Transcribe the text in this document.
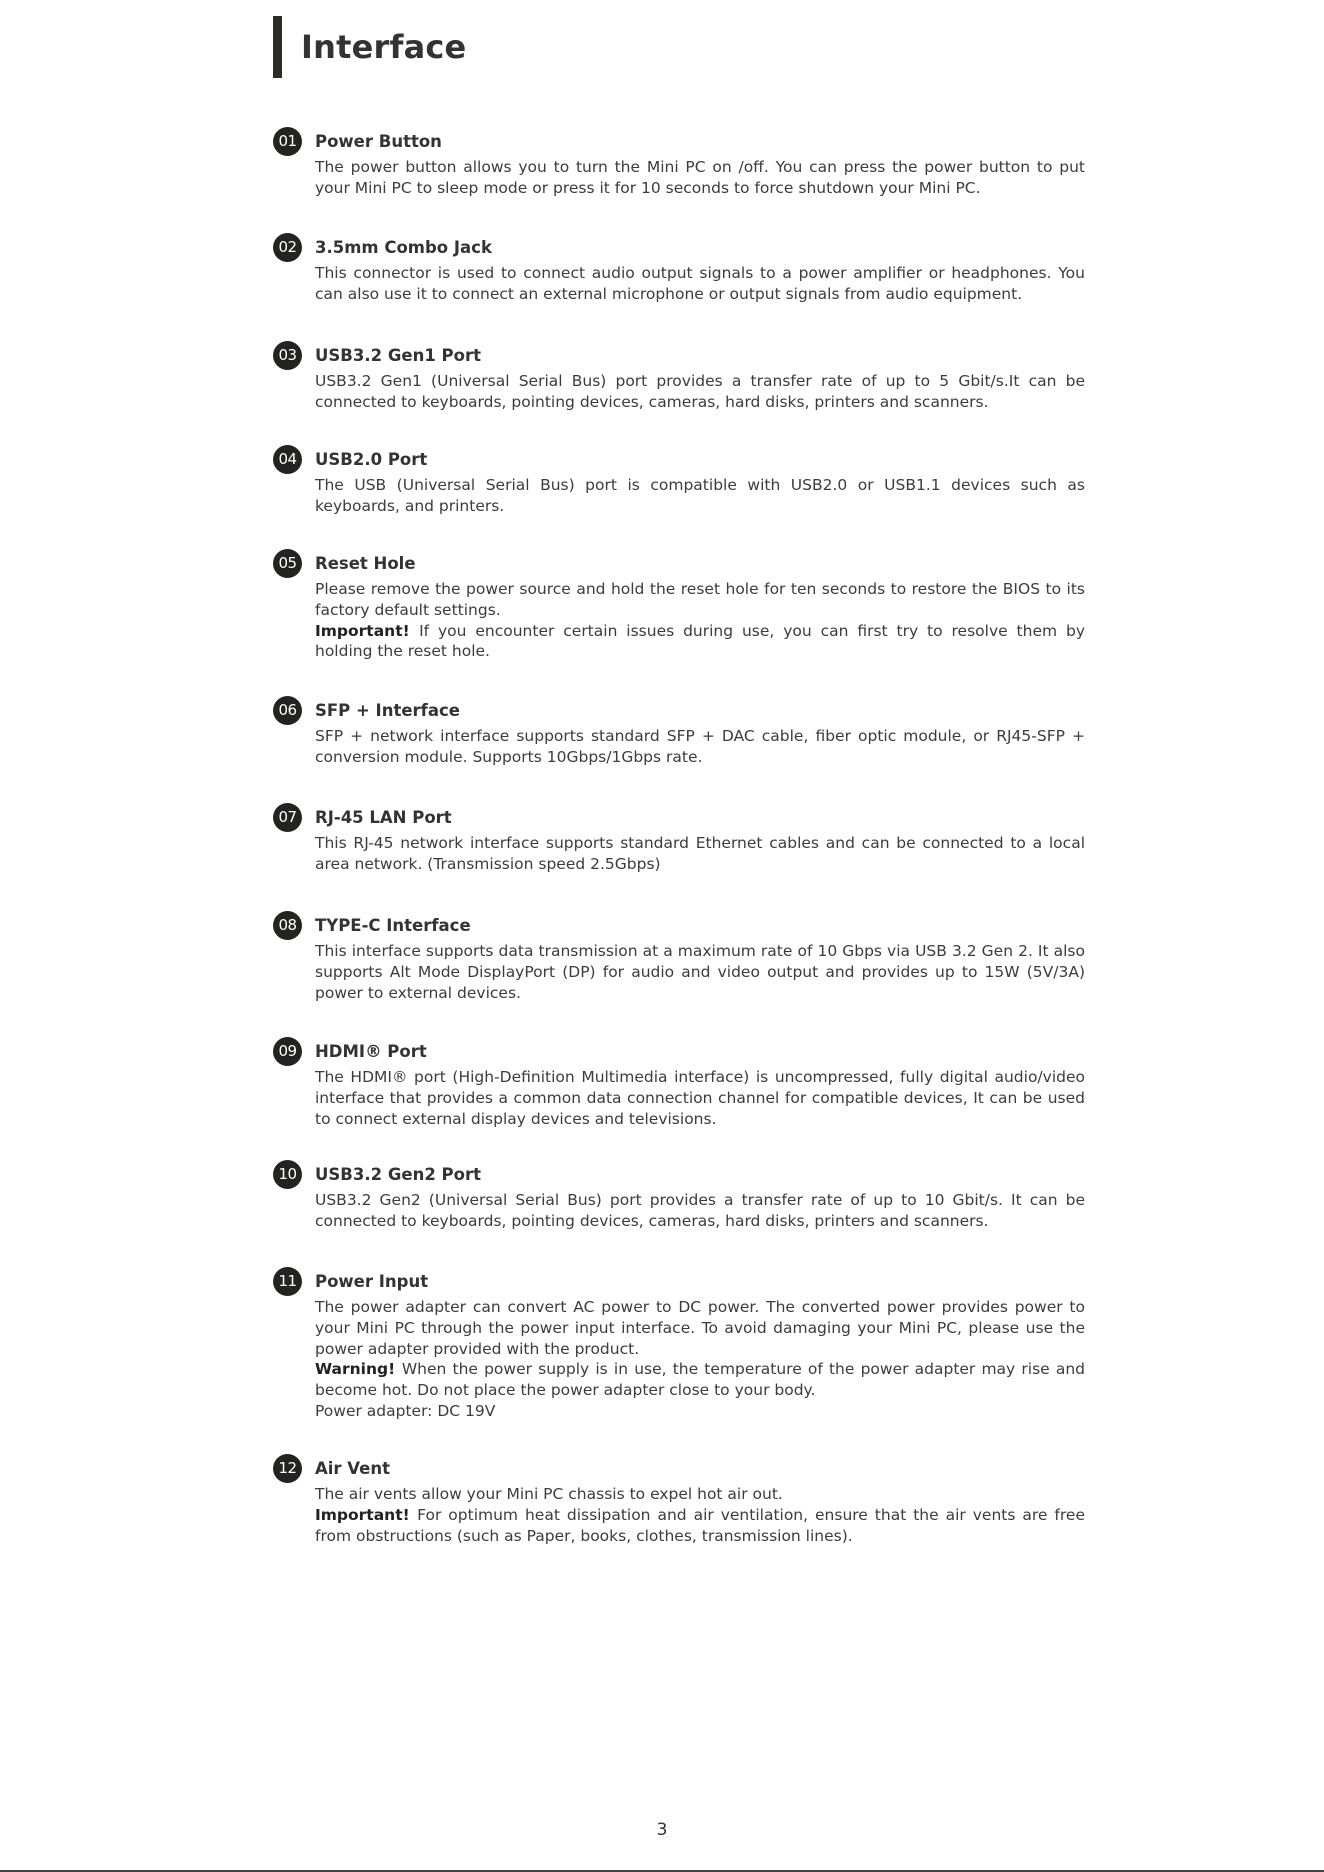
Interface
01	Power Button

The power button allows you to turn the Mini PC on /off. You can press the power button to put your Mini PC to sleep mode or press it for 10 seconds to force shutdown your Mini PC.

02	3.5mm Combo Jack

This connector is used to connect audio output signals to a power amplifier or headphones. You can also use it to connect an external microphone or output signals from audio equipment.

03	USB3.2 Gen1 Port

USB3.2 Gen1 (Universal Serial Bus) port provides a transfer rate of up to 5 Gbit/s.It can be connected to keyboards, pointing devices, cameras, hard disks, printers and scanners.

04	USB2.0 Port

The USB (Universal Serial Bus) port is compatible with USB2.0 or USB1.1 devices such as keyboards, and printers.

05	Reset Hole

Please remove the power source and hold the reset hole for ten seconds to restore the BIOS to its factory default settings.

Important! If you encounter certain issues during use, you can first try to resolve them by holding the reset hole.

06	SFP + Interface

SFP + network interface supports standard SFP + DAC cable, fiber optic module, or RJ45-SFP + conversion module. Supports 10Gbps/1Gbps rate.

07	RJ-45 LAN Port

This RJ-45 network interface supports standard Ethernet cables and can be connected to a local area network. (Transmission speed 2.5Gbps)

08	TYPE-C Interface

This interface supports data transmission at a maximum rate of 10 Gbps via USB 3.2 Gen 2. It also supports Alt Mode DisplayPort (DP) for audio and video output and provides up to 15W (5V/3A) power to external devices.

09	HDMI® Port

The HDMI® port (High-Definition Multimedia interface) is uncompressed, fully digital audio/video interface that provides a common data connection channel for compatible devices, It can be used to connect external display devices and televisions.

10	USB3.2 Gen2 Port

USB3.2 Gen2 (Universal Serial Bus) port provides a transfer rate of up to 10 Gbit/s. It can be connected to keyboards, pointing devices, cameras, hard disks, printers and scanners.

11	Power Input

The power adapter can convert AC power to DC power. The converted power provides power to your Mini PC through the power input interface. To avoid damaging your Mini PC, please use the power adapter provided with the product.

Warning! When the power supply is in use, the temperature of the power adapter may rise and become hot. Do not place the power adapter close to your body.

Power adapter: DC 19V

12	Air Vent

The air vents allow your Mini PC chassis to expel hot air out.

Important! For optimum heat dissipation and air ventilation, ensure that the air vents are free from obstructions (such as Paper, books, clothes, transmission lines).

3
